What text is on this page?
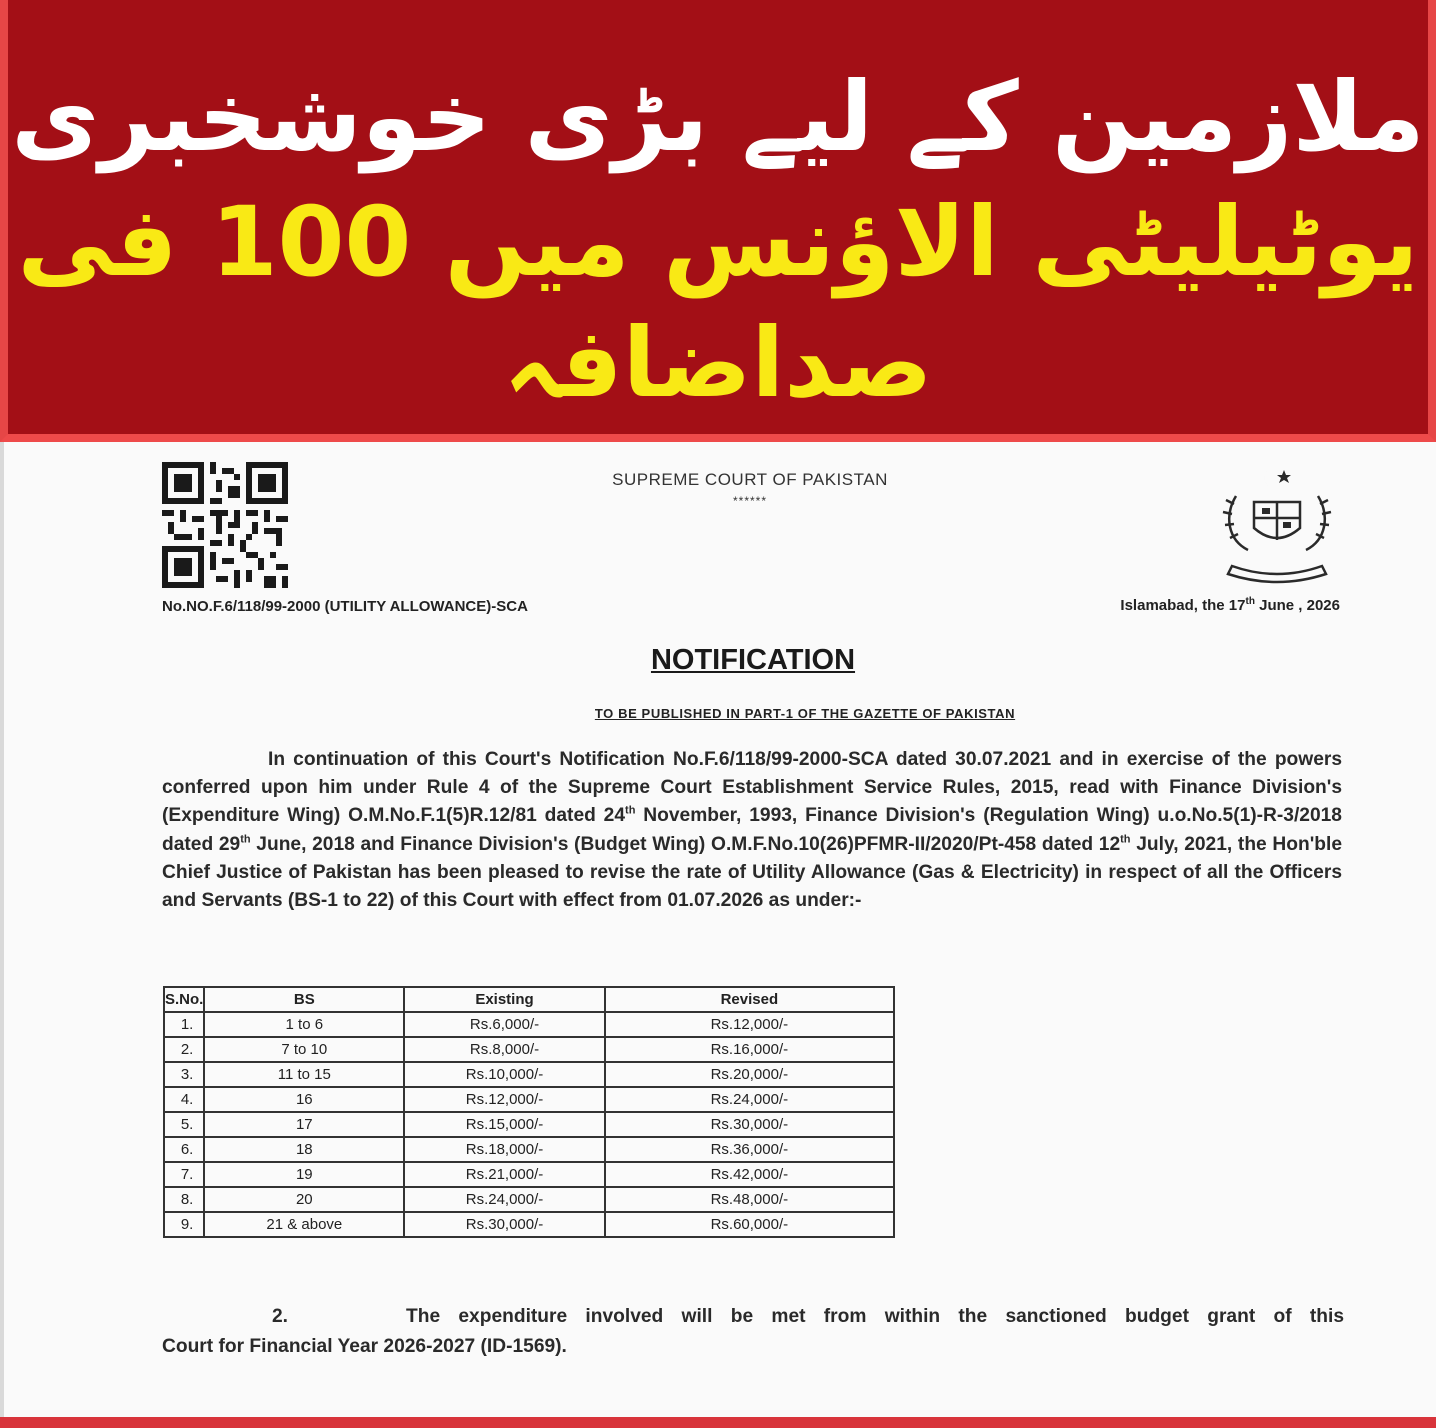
ملازمین کے لیے بڑی خوشخبری
یوٹیلیٹی الاؤنس میں 100 فی
صداضافہ
SUPREME COURT OF PAKISTAN
******
No.NO.F.6/118/99-2000 (UTILITY ALLOWANCE)-SCA	Islamabad, the 17th June , 2026
NOTIFICATION
TO BE PUBLISHED IN PART-1 OF THE GAZETTE OF PAKISTAN
In continuation of this Court's Notification No.F.6/118/99-2000-SCA dated 30.07.2021 and in exercise of the powers conferred upon him under Rule 4 of the Supreme Court Establishment Service Rules, 2015, read with Finance Division's (Expenditure Wing) O.M.No.F.1(5)R.12/81 dated 24th November, 1993, Finance Division's (Regulation Wing) u.o.No.5(1)-R-3/2018 dated 29th June, 2018 and Finance Division's (Budget Wing) O.M.F.No.10(26)PFMR-II/2020/Pt-458 dated 12th July, 2021, the Hon'ble Chief Justice of Pakistan has been pleased to revise the rate of Utility Allowance (Gas & Electricity) in respect of all the Officers and Servants (BS-1 to 22) of this Court with effect from 01.07.2026 as under:-
S.No.	BS	Existing	Revised
1.	1 to 6	Rs.6,000/-	Rs.12,000/-
2.	7 to 10	Rs.8,000/-	Rs.16,000/-
3.	11 to 15	Rs.10,000/-	Rs.20,000/-
4.	16	Rs.12,000/-	Rs.24,000/-
5.	17	Rs.15,000/-	Rs.30,000/-
6.	18	Rs.18,000/-	Rs.36,000/-
7.	19	Rs.21,000/-	Rs.42,000/-
8.	20	Rs.24,000/-	Rs.48,000/-
9.	21 & above	Rs.30,000/-	Rs.60,000/-
2.	The expenditure involved will be met from within the sanctioned budget grant of this
Court for Financial Year 2026-2027 (ID-1569).
